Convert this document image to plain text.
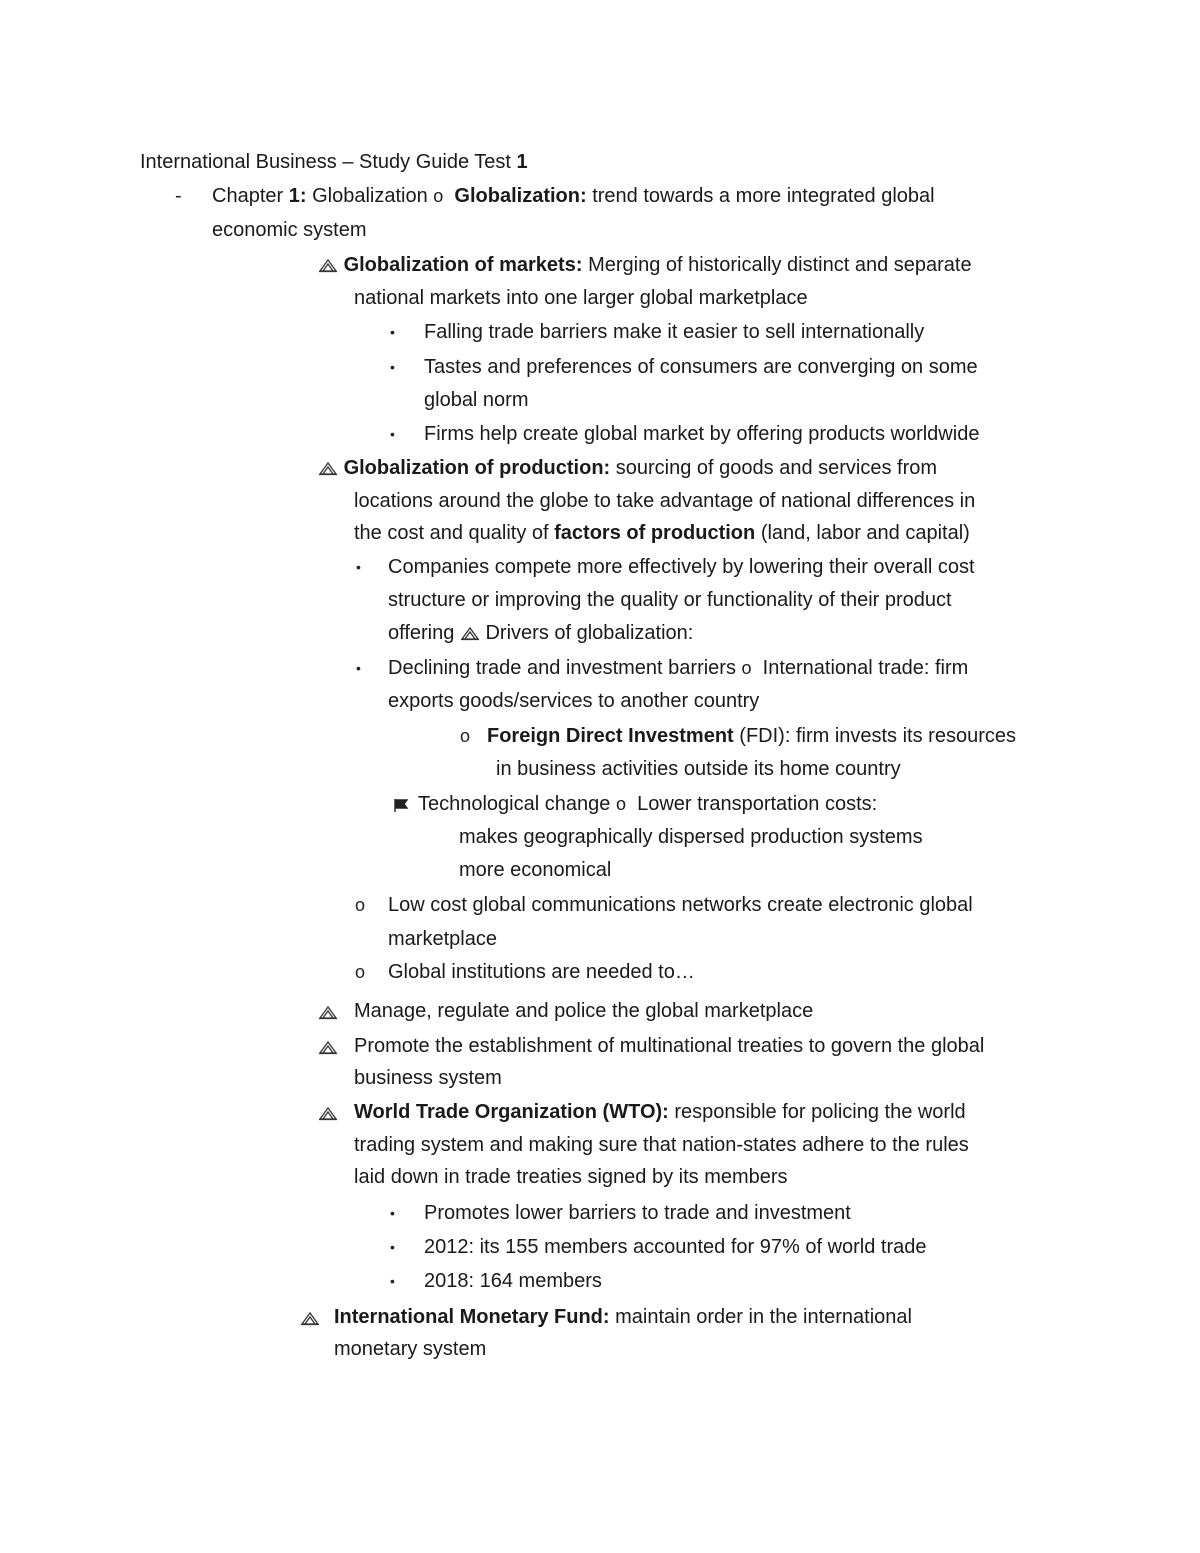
International Business – Study Guide Test 1
- Chapter 1: Globalization o Globalization: trend towards a more integrated global
economic system
Globalization of markets: Merging of historically distinct and separate
national markets into one larger global marketplace
• Falling trade barriers make it easier to sell internationally
• Tastes and preferences of consumers are converging on some
global norm
• Firms help create global market by offering products worldwide
Globalization of production: sourcing of goods and services from
locations around the globe to take advantage of national differences in
the cost and quality of factors of production (land, labor and capital)
• Companies compete more effectively by lowering their overall cost
structure or improving the quality or functionality of their product
offering Drivers of globalization:
• Declining trade and investment barriers o International trade: firm
exports goods/services to another country
o Foreign Direct Investment (FDI): firm invests its resources
in business activities outside its home country
Technological change o Lower transportation costs:
makes geographically dispersed production systems
more economical
o Low cost global communications networks create electronic global
marketplace
o Global institutions are needed to…
Manage, regulate and police the global marketplace
Promote the establishment of multinational treaties to govern the global
business system
World Trade Organization (WTO): responsible for policing the world
trading system and making sure that nation-states adhere to the rules
laid down in trade treaties signed by its members
• Promotes lower barriers to trade and investment
• 2012: its 155 members accounted for 97% of world trade
• 2018: 164 members
International Monetary Fund: maintain order in the international
monetary system
